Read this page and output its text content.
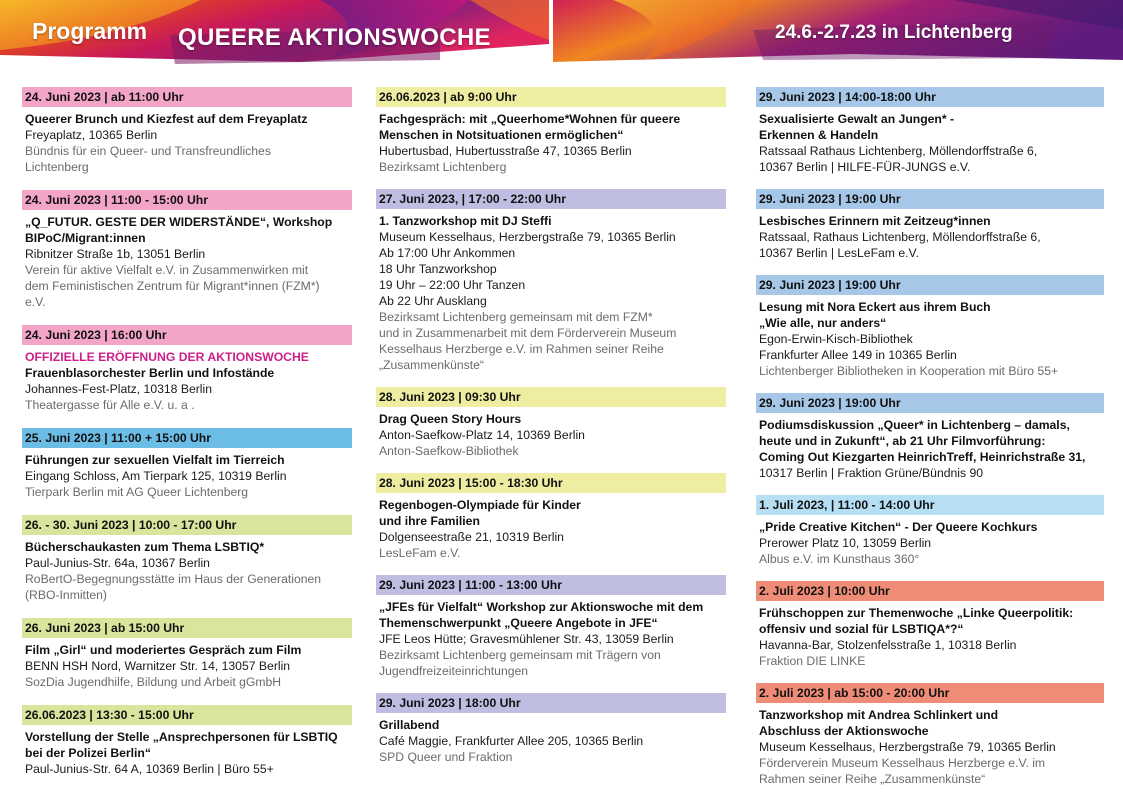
Programm QUEERE AKTIONSWOCHE	24.6.-2.7.23 in Lichtenberg
24. Juni 2023 | ab 11:00 Uhr
Queerer Brunch und Kiezfest auf dem Freyaplatz
Freyaplatz, 10365 Berlin
Bündnis für ein Queer- und Transfreundliches
Lichtenberg
24. Juni 2023 | 11:00 - 15:00 Uhr
„Q_FUTUR. GESTE DER WIDERSTÄNDE“, Workshop
BIPoC/Migrant:innen
Ribnitzer Straße 1b, 13051 Berlin
Verein für aktive Vielfalt e.V. in Zusammenwirken mit
dem Feministischen Zentrum für Migrant*innen (FZM*)
e.V.
24. Juni 2023 | 16:00 Uhr
OFFIZIELLE ERÖFFNUNG DER AKTIONSWOCHE
Frauenblasorchester Berlin und Infostände
Johannes-Fest-Platz, 10318 Berlin
Theatergasse für Alle e.V. u. a .
25. Juni 2023 | 11:00 + 15:00 Uhr
Führungen zur sexuellen Vielfalt im Tierreich
Eingang Schloss, Am Tierpark 125, 10319 Berlin
Tierpark Berlin mit AG Queer Lichtenberg
26. - 30. Juni 2023 | 10:00 - 17:00 Uhr
Bücherschaukasten zum Thema LSBTIQ*
Paul-Junius-Str. 64a, 10367 Berlin
RoBertO-Begegnungsstätte im Haus der Generationen
(RBO-Inmitten)
26. Juni 2023 | ab 15:00 Uhr
Film „Girl“ und moderiertes Gespräch zum Film
BENN HSH Nord, Warnitzer Str. 14, 13057 Berlin
SozDia Jugendhilfe, Bildung und Arbeit gGmbH
26.06.2023 | 13:30 - 15:00 Uhr
Vorstellung der Stelle „Ansprechpersonen für LSBTIQ
bei der Polizei Berlin“
Paul-Junius-Str. 64 A, 10369 Berlin | Büro 55+
26.06.2023 | ab 9:00 Uhr
Fachgespräch: mit „Queerhome*Wohnen für queere
Menschen in Notsituationen ermöglichen“
Hubertusbad, Hubertusstraße 47, 10365 Berlin
Bezirksamt Lichtenberg
27. Juni 2023, | 17:00 - 22:00 Uhr
1. Tanzworkshop mit DJ Steffi
Museum Kesselhaus, Herzbergstraße 79, 10365 Berlin
Ab 17:00 Uhr Ankommen
18 Uhr Tanzworkshop
19 Uhr – 22:00 Uhr Tanzen
Ab 22 Uhr Ausklang
Bezirksamt Lichtenberg gemeinsam mit dem FZM*
und in Zusammenarbeit mit dem Förderverein Museum
Kesselhaus Herzberge e.V. im Rahmen seiner Reihe
„Zusammenkünste“
28. Juni 2023 | 09:30 Uhr
Drag Queen Story Hours
Anton-Saefkow-Platz 14, 10369 Berlin
Anton-Saefkow-Bibliothek
28. Juni 2023 | 15:00 - 18:30 Uhr
Regenbogen-Olympiade für Kinder
und ihre Familien
Dolgenseestraße 21, 10319 Berlin
LesLeFam e.V.
29. Juni 2023 | 11:00 - 13:00 Uhr
„JFEs für Vielfalt“ Workshop zur Aktionswoche mit dem
Themenschwerpunkt „Queere Angebote in JFE“
JFE Leos Hütte; Gravesmühlener Str. 43, 13059 Berlin
Bezirksamt Lichtenberg gemeinsam mit Trägern von
Jugendfreizeiteinrichtungen
29. Juni 2023 | 18:00 Uhr
Grillabend
Café Maggie, Frankfurter Allee 205, 10365 Berlin
SPD Queer und Fraktion
29. Juni 2023 | 14:00-18:00 Uhr
Sexualisierte Gewalt an Jungen* -
Erkennen & Handeln
Ratssaal Rathaus Lichtenberg, Möllendorffstraße 6,
10367 Berlin | HILFE-FÜR-JUNGS e.V.
29. Juni 2023 | 19:00 Uhr
Lesbisches Erinnern mit Zeitzeug*innen
Ratssaal, Rathaus Lichtenberg, Möllendorffstraße 6,
10367 Berlin | LesLeFam e.V.
29. Juni 2023 | 19:00 Uhr
Lesung mit Nora Eckert aus ihrem Buch
„Wie alle, nur anders“
Egon-Erwin-Kisch-Bibliothek
Frankfurter Allee 149 in 10365 Berlin
Lichtenberger Bibliotheken in Kooperation mit Büro 55+
29. Juni 2023 | 19:00 Uhr
Podiumsdiskussion „Queer* in Lichtenberg – damals,
heute und in Zukunft“, ab 21 Uhr Filmvorführung:
Coming Out Kiezgarten HeinrichTreff, Heinrichstraße 31,
10317 Berlin | Fraktion Grüne/Bündnis 90
1. Juli 2023, | 11:00 - 14:00 Uhr
„Pride Creative Kitchen“ - Der Queere Kochkurs
Prerower Platz 10, 13059 Berlin
Albus e.V. im Kunsthaus 360°
2. Juli 2023 | 10:00 Uhr
Frühschoppen zur Themenwoche „Linke Queerpolitik:
offensiv und sozial für LSBTIQA*?“
Havanna-Bar, Stolzenfelsstraße 1, 10318 Berlin
Fraktion DIE LINKE
2. Juli 2023 | ab 15:00 - 20:00 Uhr
Tanzworkshop mit Andrea Schlinkert und
Abschluss der Aktionswoche
Museum Kesselhaus, Herzbergstraße 79, 10365 Berlin
Förderverein Museum Kesselhaus Herzberge e.V. im
Rahmen seiner Reihe „Zusammenkünste“
